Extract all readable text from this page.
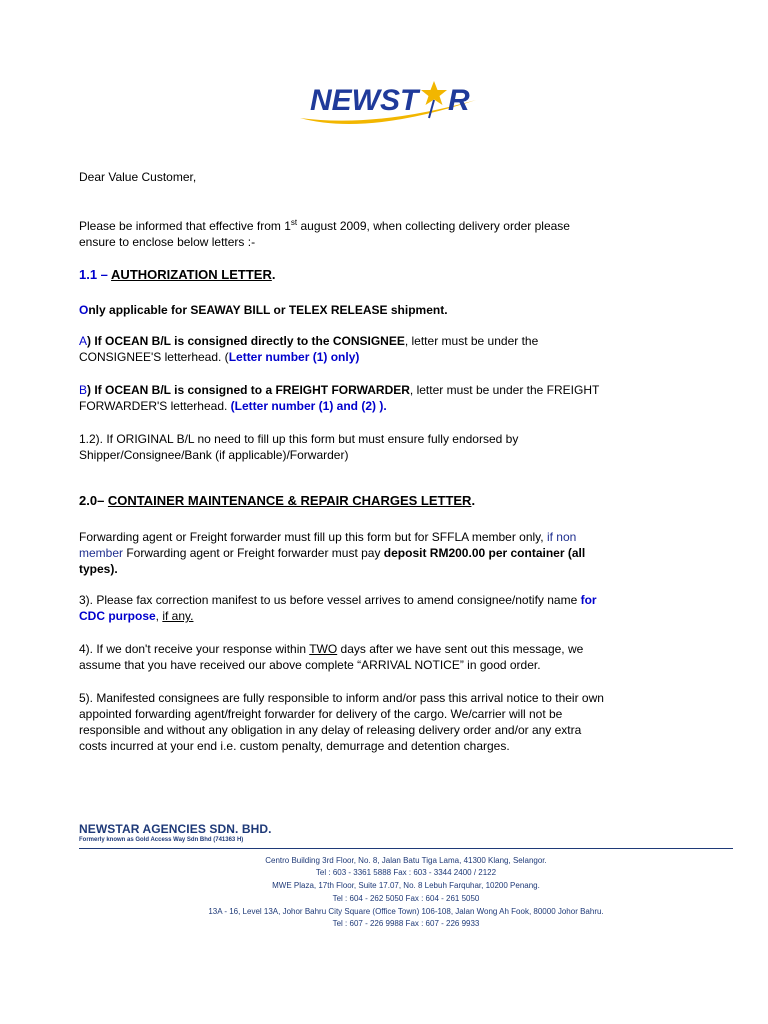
NEWST R

Dear Value Customer,

Please be informed that effective from 1st august 2009, when collecting delivery order please
ensure to enclose below letters :-

1.1 – AUTHORIZATION LETTER.

Only applicable for SEAWAY BILL or TELEX RELEASE shipment.

A) If OCEAN B/L is consigned directly to the CONSIGNEE, letter must be under the
CONSIGNEE'S letterhead. (Letter number (1) only)

B) If OCEAN B/L is consigned to a FREIGHT FORWARDER, letter must be under the FREIGHT
FORWARDER'S letterhead. (Letter number (1) and (2) ).

1.2). If ORIGINAL B/L no need to fill up this form but must ensure fully endorsed by
Shipper/Consignee/Bank (if applicable)/Forwarder)

2.0– CONTAINER MAINTENANCE & REPAIR CHARGES LETTER.

Forwarding agent or Freight forwarder must fill up this form but for SFFLA member only, if non
member Forwarding agent or Freight forwarder must pay deposit RM200.00 per container (all
types).

3). Please fax correction manifest to us before vessel arrives to amend consignee/notify name for
CDC purpose, if any.

4). If we don't receive your response within TWO days after we have sent out this message, we
assume that you have received our above complete “ARRIVAL NOTICE” in good order.

5). Manifested consignees are fully responsible to inform and/or pass this arrival notice to their own
appointed forwarding agent/freight forwarder for delivery of the cargo. We/carrier will not be
responsible and without any obligation in any delay of releasing delivery order and/or any extra
costs incurred at your end i.e. custom penalty, demurrage and detention charges.

NEWSTAR AGENCIES SDN. BHD.
Formerly known as Gold Access Way Sdn Bhd (741363 H)
Centro Building 3rd Floor, No. 8, Jalan Batu Tiga Lama, 41300 Klang, Selangor.
Tel : 603 - 3361 5888 Fax : 603 - 3344 2400 / 2122
MWE Plaza, 17th Floor, Suite 17.07, No. 8 Lebuh Farquhar, 10200 Penang.
Tel : 604 - 262 5050 Fax : 604 - 261 5050
13A - 16, Level 13A, Johor Bahru City Square (Office Town) 106-108, Jalan Wong Ah Fook, 80000 Johor Bahru.
Tel : 607 - 226 9988 Fax : 607 - 226 9933
